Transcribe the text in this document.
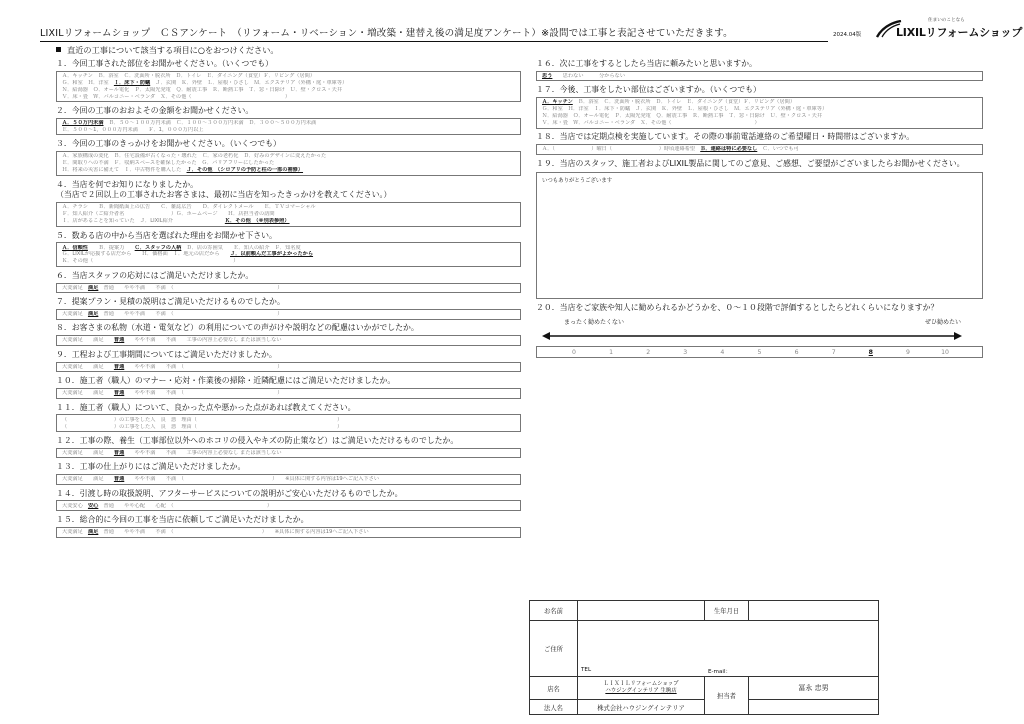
LIXILリフォームショップ　ＣＳアンケート　（リフォーム・リベーション・増改築・建替え後の満足度アンケート）※設問では工事と表記させていただきます。	2024.04版
住まいのことなら
LIXILリフォームショップ
直近の工事について該当する項目に○をおつけください。
１．今回工事された部位をお聞かせください。（いくつでも）
Ａ．キッチン　Ｂ．浴室　Ｃ．洗面所・脱衣所　Ｄ．トイレ　Ｅ．ダイニング（食堂）Ｆ．リビング（居間）
Ｇ．和室　Ｈ．洋室　Ｉ．床下・防蟻　Ｊ．玄関　Ｋ．外壁　Ｌ．屋根・ひさし　Ｍ．エクステリア（外構・庭・車庫等）
Ｎ．給湯器　Ｏ．オール電化　Ｐ．太陽光発電　Ｑ．耐震工事　Ｒ．断熱工事　Ｔ．窓・日除け　Ｕ．壁・クロス・天井
Ｖ．床・畳　Ｗ．バルコニー・ベランダ　Ｘ．その他（　　　　　　　　　　　　　　　　　　）
２．今回の工事のおおよその金額をお聞かせください。
Ａ．５０万円未満　Ｂ．５０～１００万円未満　Ｃ．１００～３００万円未満　Ｄ．３００～５００万円未満
Ｅ．５００～1，０００万円未満　　Ｆ．1，０００万円以上
３．今回の工事のきっかけをお聞かせください。（いくつでも）
Ａ．家族構成の変化　Ｂ．住宅設備が古くなった・壊れた　Ｃ．家の老朽化　Ｄ．好みのデザインに変えたかった
Ｅ．間取りへの不満　Ｆ．収納スペースを確保したかった　Ｇ．バリアフリーにしたかった
Ｈ．将来の災害に備えて　Ｉ．中古物件を購入した　Ｊ．その他　（シロアリの予防と柱の一部の補修）
４．当店を何でお知りになりましたか。
（当店で２回以上の工事されたお客さまは、最初に当店を知ったきっかけを教えてください。）
Ａ．チラシ　　Ｂ．新聞紙面上の広告　　Ｃ．雑誌広告　　Ｄ．ダイレクトメール　　Ｅ．ＴＶコマーシャル
Ｆ．知人紹介（ご紹介者名　　　　　　　　　）Ｇ．ホームページ　　Ｈ．店担当者の訪問
Ｉ．店があることを知っていた　Ｊ．LIXIL紹介　　　　　　　　　　Ｋ．その他　（※別表参照）
５．数ある店の中から当店を選ばれた理由をお聞かせ下さい。
Ａ．信頼性　　Ｂ．提案力　　Ｃ．スタッフの人柄　Ｄ．店の雰囲気　　Ｅ．知人の紹介　Ｆ．知名度
Ｇ．LIXILが応援する店だから　　Ｈ．価格面　Ｉ．地元の店だから　　Ｊ．以前頼んだ工事がよかったから
Ｋ．その他（　　　　　　　　　　　　　　　　　　　　　　　　　　　）
６．当店スタッフの応対にはご満足いただけましたか。
大変満足　満足　普通　　やや不満　　不満　（　　　　　　　　　　　　　　　　　　　　）
７．提案プラン・見積の説明はご満足いただけるものでしたか。
大変満足　満足　普通　　やや不満　　不満　（　　　　　　　　　　　　　　　　　　　　）
８．お客さまの私物（水道・電気など）の利用についての声がけや説明などの配慮はいかがでしたか。
大変満足　　満足　　普通　　やや不満　　不満　　工事の内容上必要なし または該当しない
９．工程および工事期間についてはご満足いただけましたか。
大変満足　　満足　　普通　　やや不満　　不満　（　　　　　　　　　　　　　　　　　　）
１０．施工者（職人）のマナー・応対・作業後の掃除・近隣配慮にはご満足いただけましたか。
大変満足　　満足　　普通　　やや不満　　不満　（　　　　　　　　　　　　　　　　　　）
１１．施工者（職人）について、良かった点や悪かった点があれば教えてください。
（　　　　　　　　　）の工事をした人　良　悪　理由（　　　　　　　　　　　　　　　　　　　　　　　　　　　）
（　　　　　　　　　）の工事をした人　良　悪　理由（　　　　　　　　　　　　　　　　　　　　　　　　　　　）
１２．工事の際、養生（工事部位以外へのホコリの侵入やキズの防止策など）はご満足いただけるものでしたか。
大変満足　　満足　　普通　　やや不満　　不満　　工事の内容上必要なし または該当しない
１３．工事の仕上がりにはご満足いただけましたか。
大変満足　　満足　　普通　　やや不満　　不満　（　　　　　　　　　　　　　　　　　）　　※具体に関する内容は19へご記入下さい
１４．引渡し時の取扱説明、アフターサービスについての説明がご安心いただけるものでしたか。
大変安心　安心　普通　　やや心配　　心配　（　　　　　　　　　　　　　　　　　　）
１５．総合的に今回の工事を当店に依頼してご満足いただけましたか。
大変満足　満足　普通　　やや不満　　不満　（　　　　　　　　　　　　　　　　　）　　※具体に関する内容は19へご記入下さい
１６．次に工事をするとしたら当店に頼みたいと思いますか。
思う　　思わない　　　分からない
１７．今後、工事をしたい部位はございますか。（いくつでも）
Ａ．キッチン　Ｂ．浴室　Ｃ．洗面所・脱衣所　Ｄ．トイレ　Ｅ．ダイニング（食堂）Ｆ．リビング（居間）
Ｇ．和室　Ｈ．洋室　Ｉ．床下・防蟻　Ｊ．玄関　Ｋ．外壁　Ｌ．屋根・ひさし　Ｍ．エクステリア（外構・庭・車庫等）
Ｎ．給湯器　Ｏ．オール電化　Ｐ．太陽光発電　Ｑ．耐震工事　Ｒ．断熱工事　Ｔ．窓・日除け　Ｕ．壁・クロス・天井
Ｖ．床・畳　Ｗ．バルコニー・ベランダ　Ｘ．その他（　　　　　　　　　　　　　　　　）
１８．当店では定期点検を実施しています。その際の事前電話連絡のご希望曜日・時間帯はございますか。
Ａ．（　　　　　　　）曜日（　　　　　　　　　）時頃連絡希望　Ｂ．連絡は特に必要なし　Ｃ．いつでも可
１９．当店のスタッフ、施工者およびLIXIL製品に関してのご意見、ご感想、ご要望がございましたらお聞かせください。
いつもありがとうございます
２０．当店をご家族や知人に勧められるかどうかを、０～１０段階で評価するとしたらどれくらいになりますか？
まったく勧めたくない	ぜひ勧めたい
0	1	2	3	4	5	6	7	8	9	10
お名前		生年月日	
ご住所	TEL E-mail：		

店名	ＬＩＸＩＬリフォームショップ
ハウジングインテリア 生駒店	担当者	冨永 忠男
法人名	株式会社ハウジングインテリア		
